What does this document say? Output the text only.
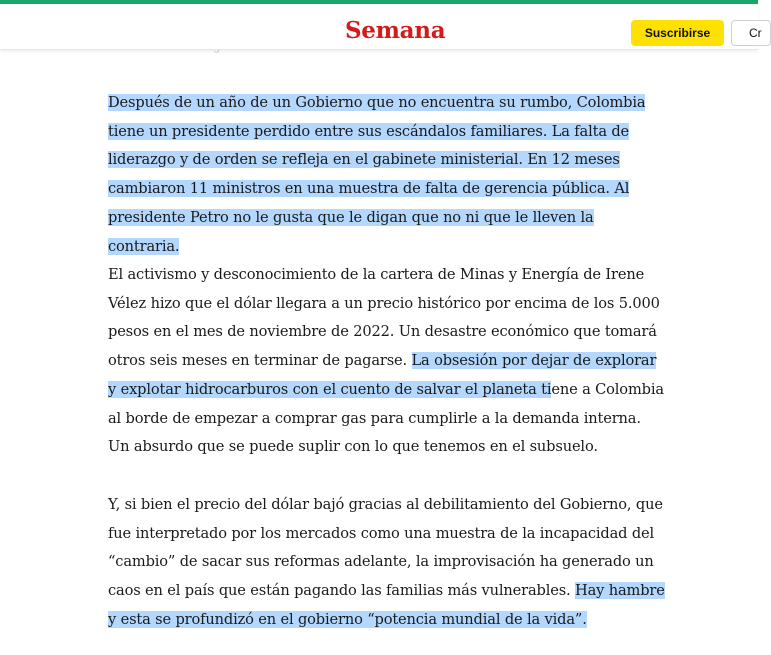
Semana	Suscribirse	Cr

Después de un año de un Gobierno que no encuentra su rumbo, Colombia tiene un presidente perdido entre sus escándalos familiares. La falta de liderazgo y de orden se refleja en el gabinete ministerial. En 12 meses cambiaron 11 ministros en una muestra de falta de gerencia pública. Al presidente Petro no le gusta que le digan que no ni que le lleven la contraria.

El activismo y desconocimiento de la cartera de Minas y Energía de Irene Vélez hizo que el dólar llegara a un precio histórico por encima de los 5.000 pesos en el mes de noviembre de 2022. Un desastre económico que tomará otros seis meses en terminar de pagarse. La obsesión por dejar de explorar y explotar hidrocarburos con el cuento de salvar el planeta tiene a Colombia al borde de empezar a comprar gas para cumplirle a la demanda interna. Un absurdo que se puede suplir con lo que tenemos en el subsuelo.

Y, si bien el precio del dólar bajó gracias al debilitamiento del Gobierno, que fue interpretado por los mercados como una muestra de la incapacidad del “cambio” de sacar sus reformas adelante, la improvisación ha generado un caos en el país que están pagando las familias más vulnerables. Hay hambre y esta se profundizó en el gobierno “potencia mundial de la vida”.
